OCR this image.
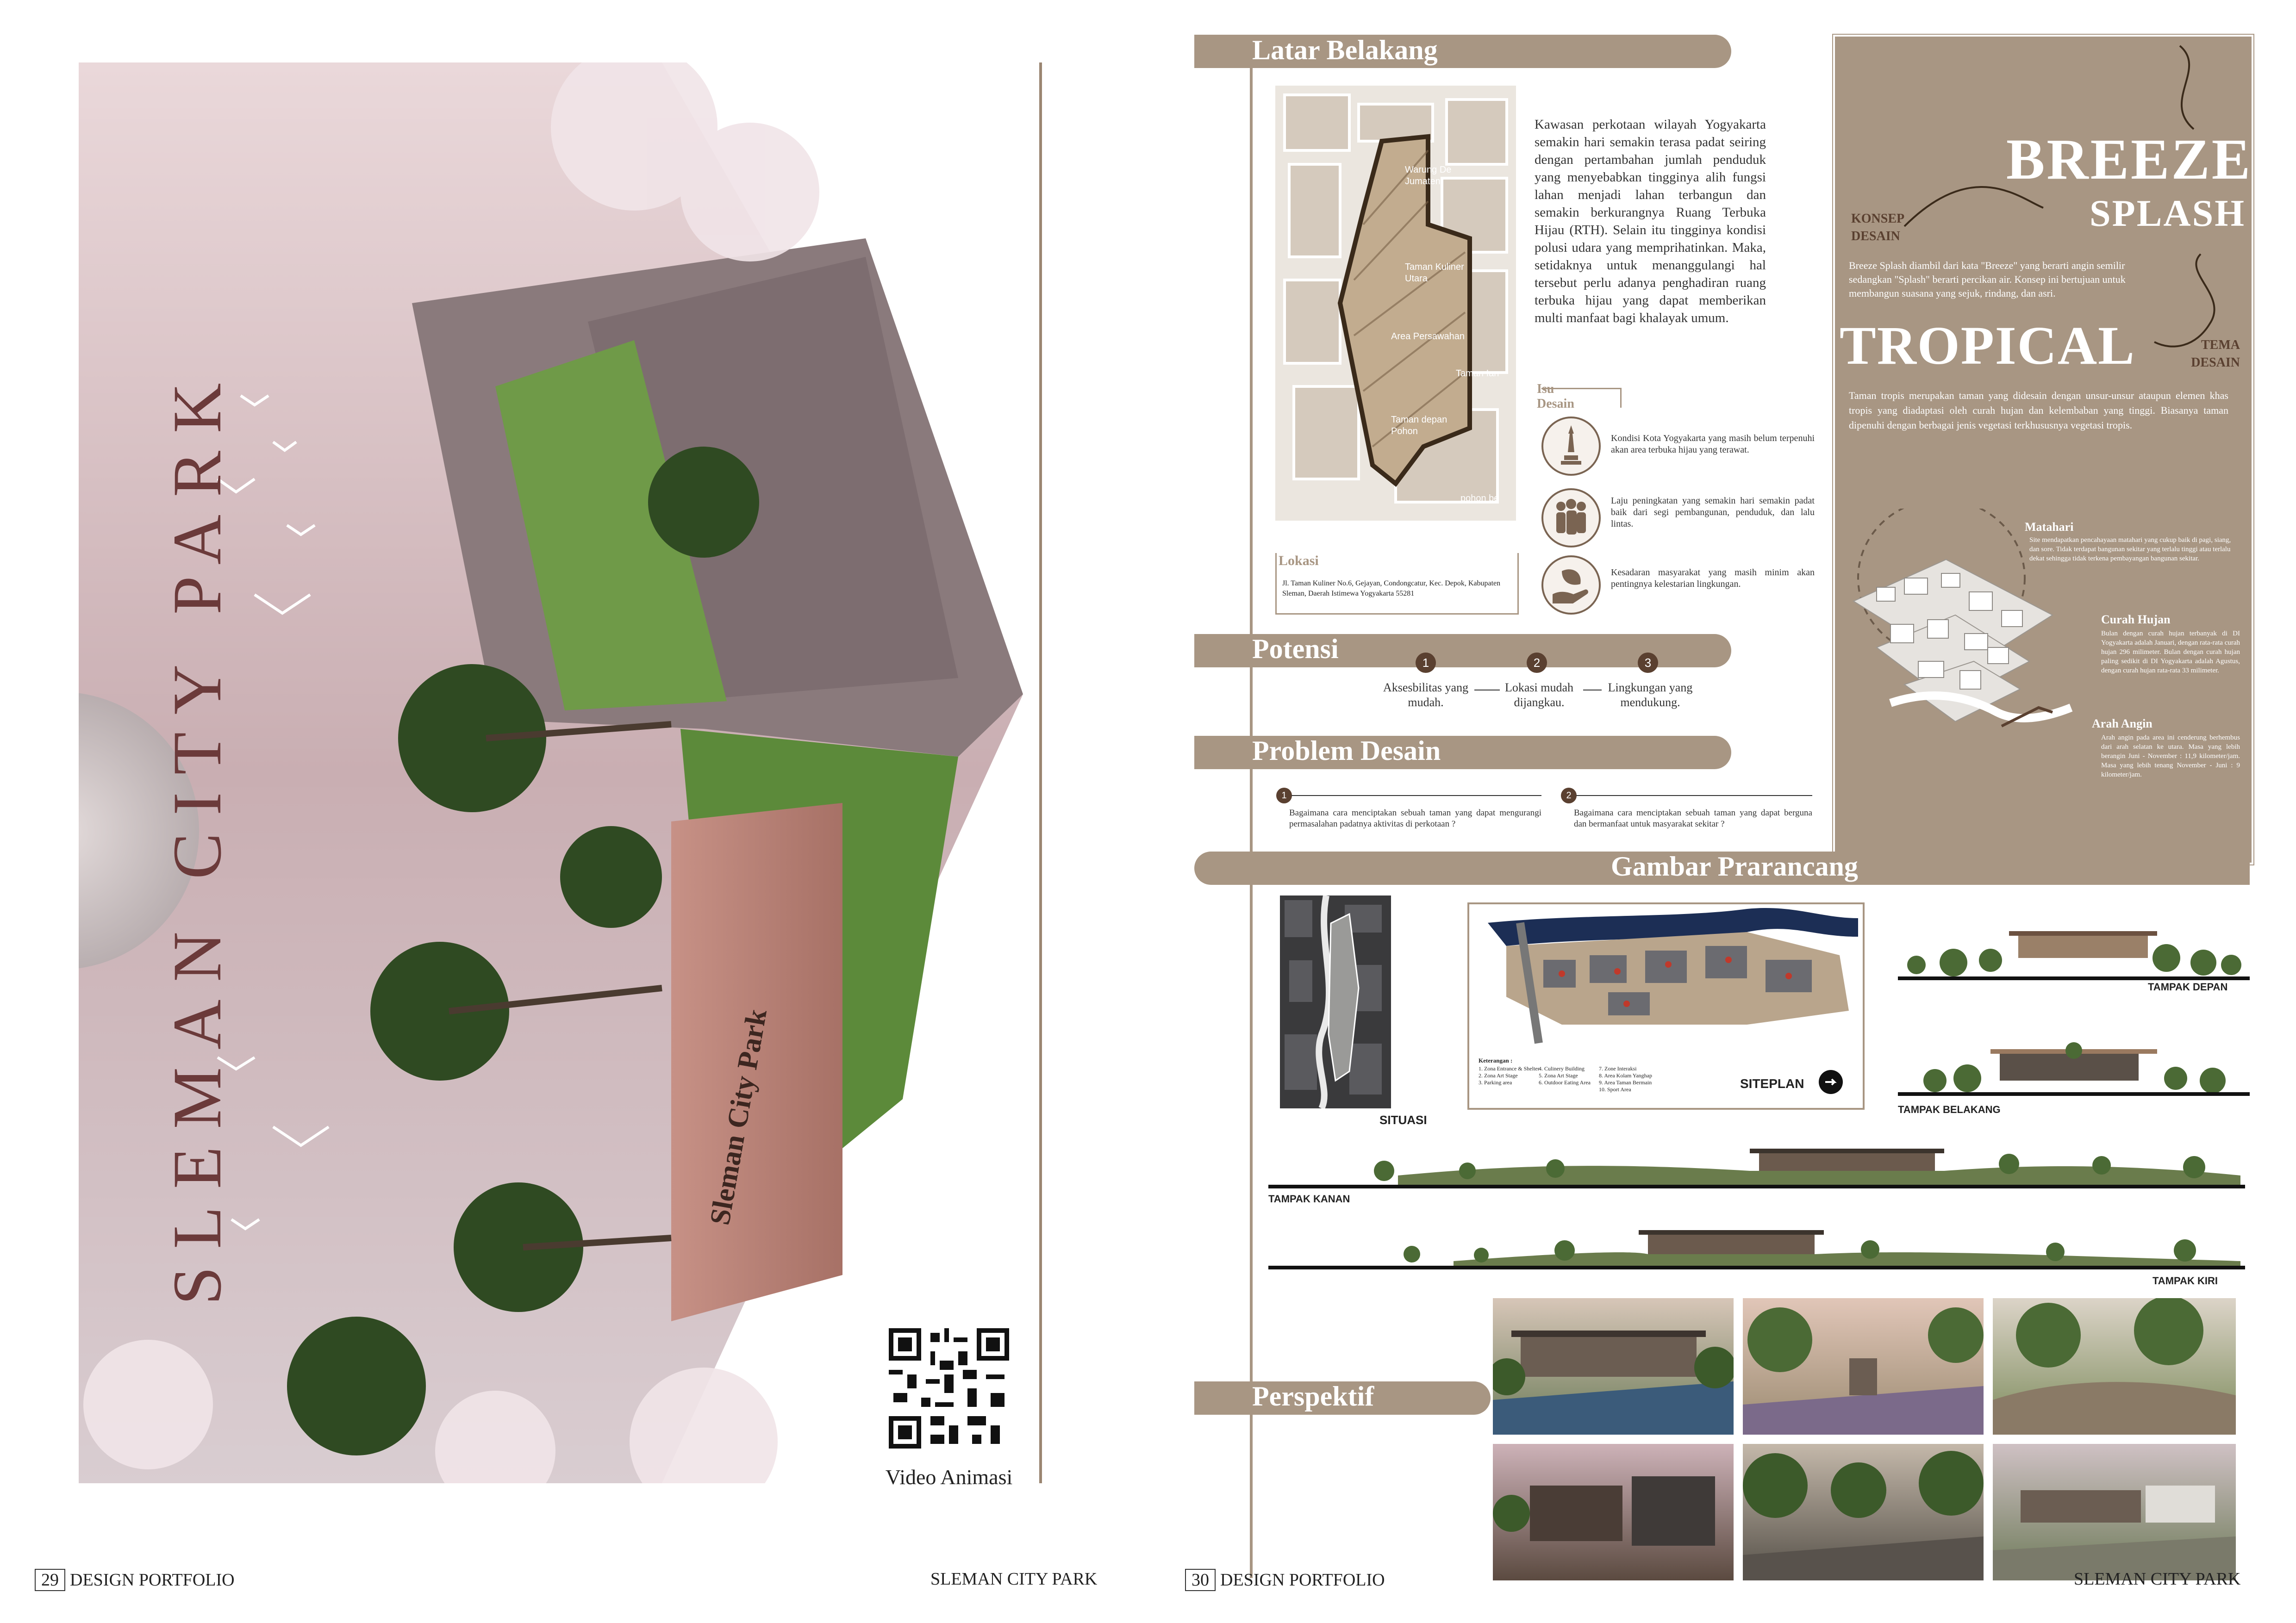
SLEMAN CITY PARK	Sleman City Park
Video Animasi
29 DESIGN PORTFOLIO	SLEMAN CITY PARK
Latar Belakang
Warung De Jumaten
Taman Kuliner Utara
Area Persawahan
Taman Ian
Taman depan Pohon
pohon be
Kawasan perkotaan wilayah Yogyakarta semakin hari semakin terasa padat seiring dengan pertambahan jumlah penduduk yang menyebabkan tingginya alih fungsi lahan menjadi lahan terbangun dan semakin berkurangnya Ruang Terbuka Hijau (RTH). Selain itu tingginya kondisi polusi udara yang memprihatinkan. Maka, setidaknya untuk menanggulangi hal tersebut perlu adanya penghadiran ruang terbuka hijau yang dapat memberikan multi manfaat bagi khalayak umum.
Lokasi
Jl. Taman Kuliner No.6, Gejayan, Condongcatur, Kec. Depok, Kabupaten Sleman, Daerah Istimewa Yogyakarta 55281
Isu
Desain
Kondisi Kota Yogyakarta yang masih belum terpenuhi akan area terbuka hijau yang terawat.
Laju peningkatan yang semakin hari semakin padat baik dari segi pembangunan, penduduk, dan lalu lintas.
Kesadaran masyarakat yang masih minim akan pentingnya kelestarian lingkungan.
Potensi	1	2	3
Aksesbilitas yang mudah.
Lokasi mudah dijangkau.
Lingkungan yang mendukung.
Problem Desain
1
Bagaimana cara menciptakan sebuah taman yang dapat mengurangi permasalahan padatnya aktivitas di perkotaan ?
2
Bagaimana cara menciptakan sebuah taman yang dapat berguna dan bermanfaat untuk masyarakat sekitar ?
BREEZE
SPLASH
KONSEP
DESAIN
Breeze Splash diambil dari kata "Breeze" yang berarti angin semilir sedangkan "Splash" berarti percikan air. Konsep ini bertujuan untuk membangun suasana yang sejuk, rindang, dan asri.
TROPICAL	TEMA
DESAIN
Taman tropis merupakan taman yang didesain dengan unsur-unsur ataupun elemen khas tropis yang diadaptasi oleh curah hujan dan kelembaban yang tinggi. Biasanya taman dipenuhi dengan berbagai jenis vegetasi terkhususnya vegetasi tropis.
Matahari
Site mendapatkan pencahayaan matahari yang cukup baik di pagi, siang, dan sore. Tidak terdapat bangunan sekitar yang terlalu tinggi atau terlalu dekat sehingga tidak terkena pembayangan bangunan sekitar.
Curah Hujan
Bulan dengan curah hujan terbanyak di DI Yogyakarta adalah Januari, dengan rata-rata curah hujan 296 milimeter. Bulan dengan curah hujan paling sedikit di DI Yogyakarta adalah Agustus, dengan curah hujan rata-rata 33 milimeter.
Arah Angin
Arah angin pada area ini cenderung berhembus dari arah selatan ke utara. Masa yang lebih berangin Juni - November : 11,9 kilometer/jam. Masa yang lebih tenang November - Juni : 9 kilometer/jam.
Gambar Prarancang
SITUASI
Keterangan :
1. Zona Entrance & Shelter
2. Zona Art Stage
3. Parking area
4. Culinery Building
5. Zona Art Stage
6. Outdoor Eating Area
7. Zone Interaksi
8. Area Kolam Yanghap
9. Area Taman Bermain
10. Sport Area	SITEPLAN
TAMPAK DEPAN
TAMPAK BELAKANG
TAMPAK KANAN
TAMPAK KIRI
Perspektif
30 DESIGN PORTFOLIO	SLEMAN CITY PARK
